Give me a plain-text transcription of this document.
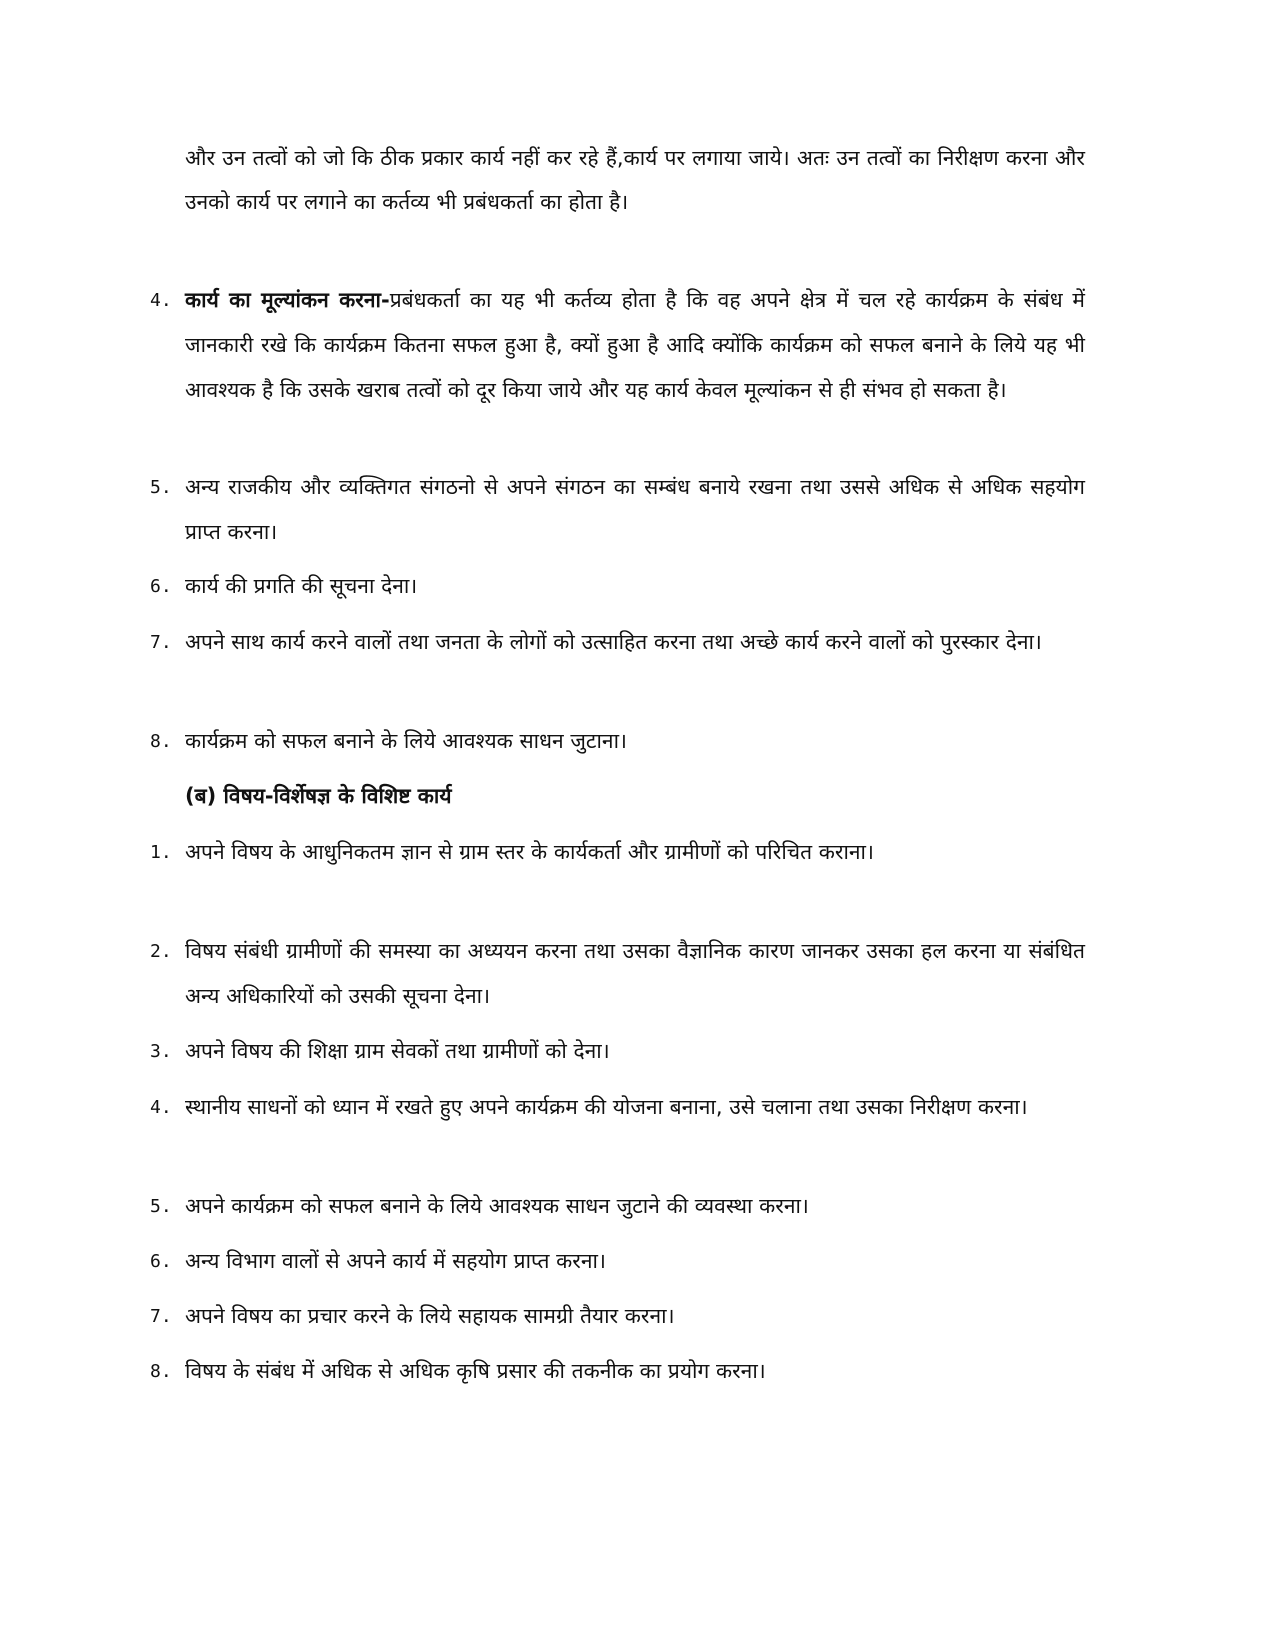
और उन तत्वों को जो कि ठीक प्रकार कार्य नहीं कर रहे हैं,कार्य पर लगाया जाये। अतः उन तत्वों का निरीक्षण करना और उनको कार्य पर लगाने का कर्तव्य भी प्रबंधकर्ता का होता है।
4. कार्य का मूल्यांकन करना-प्रबंधकर्ता का यह भी कर्तव्य होता है कि वह अपने क्षेत्र में चल रहे कार्यक्रम के संबंध में जानकारी रखे कि कार्यक्रम कितना सफल हुआ है, क्यों हुआ है आदि क्योंकि कार्यक्रम को सफल बनाने के लिये यह भी आवश्यक है कि उसके खराब तत्वों को दूर किया जाये और यह कार्य केवल मूल्यांकन से ही संभव हो सकता है।
5. अन्य राजकीय और व्यक्तिगत संगठनो से अपने संगठन का सम्बंध बनाये रखना तथा उससे अधिक से अधिक सहयोग प्राप्त करना।
6. कार्य की प्रगति की सूचना देना।
7. अपने साथ कार्य करने वालों तथा जनता के लोगों को उत्साहित करना तथा अच्छे कार्य करने वालों को पुरस्कार देना।
8. कार्यक्रम को सफल बनाने के लिये आवश्यक साधन जुटाना।
(ब) विषय-विर्शेषज्ञ के विशिष्ट कार्य
1. अपने विषय के आधुनिकतम ज्ञान से ग्राम स्तर के कार्यकर्ता और ग्रामीणों को परिचित कराना।
2. विषय संबंधी ग्रामीणों की समस्या का अध्ययन करना तथा उसका वैज्ञानिक कारण जानकर उसका हल करना या संबंधित अन्य अधिकारियों को उसकी सूचना देना।
3. अपने विषय की शिक्षा ग्राम सेवकों तथा ग्रामीणों को देना।
4. स्थानीय साधनों को ध्यान में रखते हुए अपने कार्यक्रम की योजना बनाना, उसे चलाना तथा उसका निरीक्षण करना।
5. अपने कार्यक्रम को सफल बनाने के लिये आवश्यक साधन जुटाने की व्यवस्था करना।
6. अन्य विभाग वालों से अपने कार्य में सहयोग प्राप्त करना।
7. अपने विषय का प्रचार करने के लिये सहायक सामग्री तैयार करना।
8. विषय के संबंध में अधिक से अधिक कृषि प्रसार की तकनीक का प्रयोग करना।
